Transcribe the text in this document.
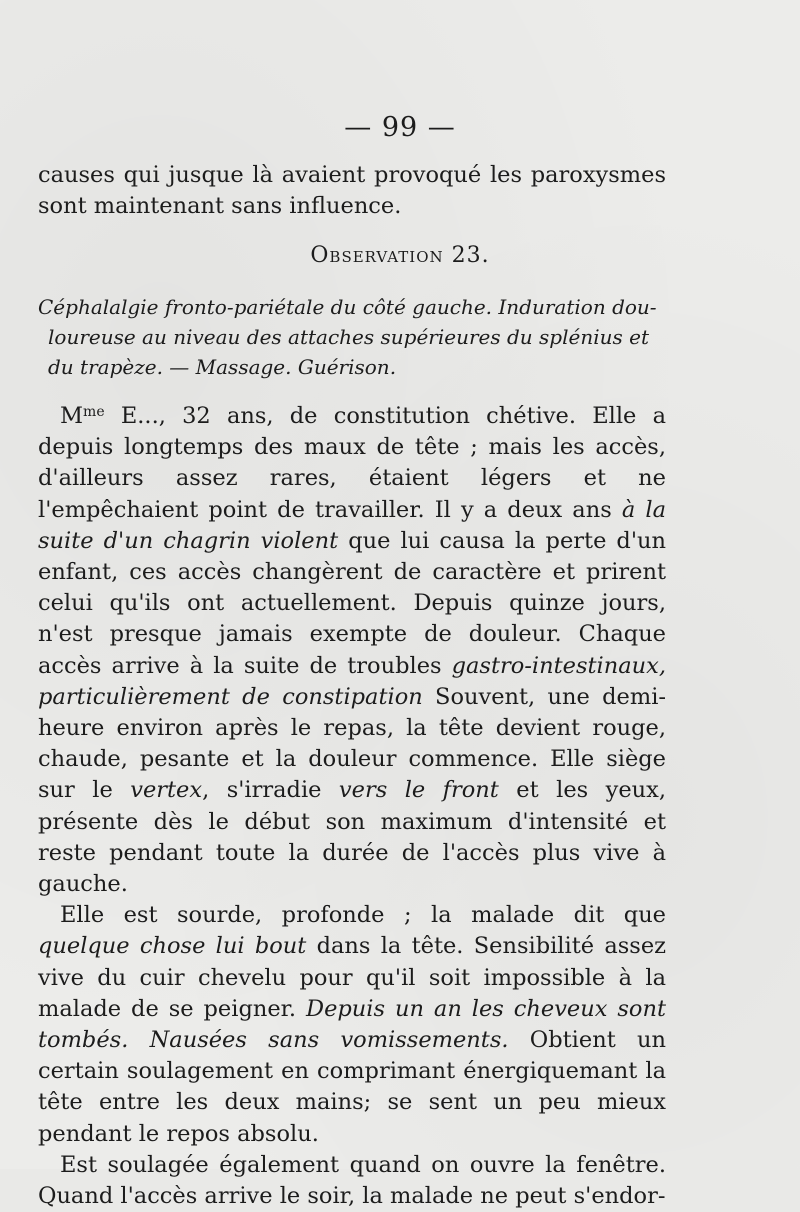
— 99 —

causes qui jusque là avaient provoqué les paroxysmes sont maintenant sans influence.

Observation 23.
Céphalalgie fronto-pariétale du côté gauche. Induration dou-
loureuse au niveau des attaches supérieures du splénius et
du trapèze. — Massage. Guérison.

$M^{me}$ E..., 32 ans, de constitution chétive. Elle a depuis longtemps des maux de tête ; mais les accès, d'ailleurs assez rares, étaient légers et ne l'empêchaient point de travailler. Il y a deux ans à la suite d'un chagrin violent que lui causa la perte d'un enfant, ces accès changèrent de caractère et prirent celui qu'ils ont actuellement. Depuis quinze jours, n'est presque jamais exempte de douleur. Chaque accès arrive à la suite de troubles gastro-intestinaux, particulièrement de constipation Souvent, une demi-heure environ après le repas, la tête devient rouge, chaude, pesante et la douleur commence. Elle siège sur le vertex, s'irradie vers le front et les yeux, présente dès le début son maximum d'intensité et reste pendant toute la durée de l'accès plus vive à gauche.

Elle est sourde, profonde ; la malade dit que quelque chose lui bout dans la tête. Sensibilité assez vive du cuir chevelu pour qu'il soit impossible à la malade de se peigner. Depuis un an les cheveux sont tombés. Nausées sans vomissements. Obtient un certain soulagement en comprimant énergiquemant la tête entre les deux mains; se sent un peu mieux pendant le repos absolu.

Est soulagée également quand on ouvre la fenêtre. Quand l'accès arrive le soir, la malade ne peut s'endor-
